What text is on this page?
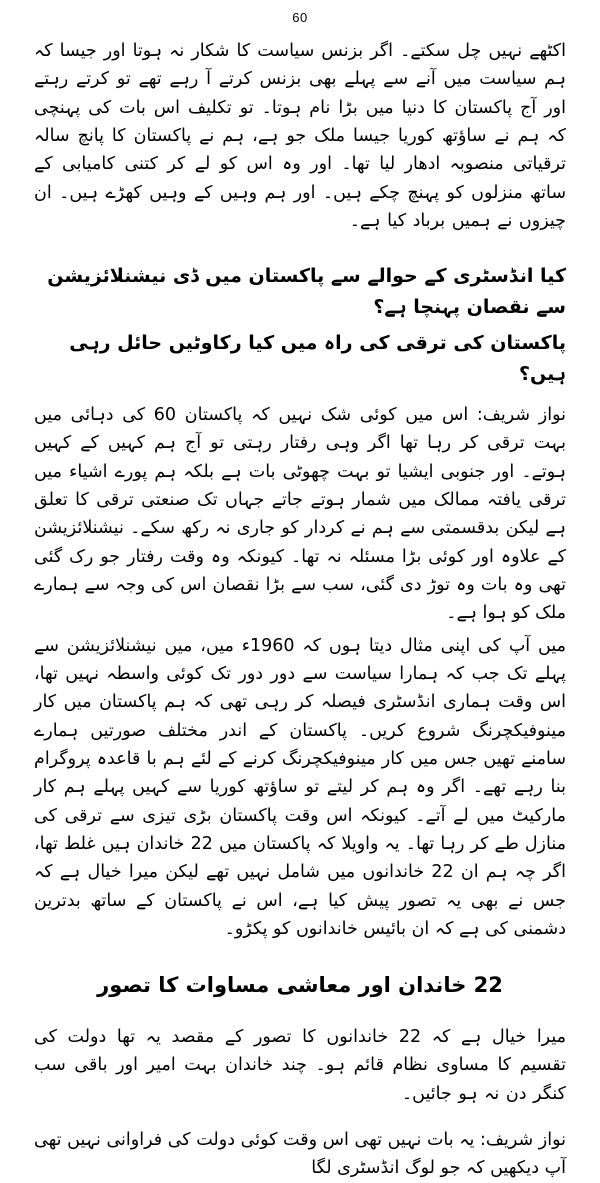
60

اکٹھے نہیں چل سکتے۔ اگر بزنس سیاست کا شکار نہ ہوتا اور جیسا کہ ہم سیاست میں آنے سے پہلے بھی بزنس کرتے آ رہے تھے تو کرتے رہتے اور آج پاکستان کا دنیا میں بڑا نام ہوتا۔ تو تکلیف اس بات کی پہنچی کہ ہم نے ساؤتھ کوریا جیسا ملک جو ہے، ہم نے پاکستان کا پانچ سالہ ترقیاتی منصوبہ ادھار لیا تھا۔ اور وہ اس کو لے کر کتنی کامیابی کے ساتھ منزلوں کو پہنچ چکے ہیں۔ اور ہم وہیں کے وہیں کھڑے ہیں۔ ان چیزوں نے ہمیں برباد کیا ہے۔

کیا انڈسٹری کے حوالے سے پاکستان میں ڈی نیشنلائزیشن سے نقصان پہنچا ہے؟

پاکستان کی ترقی کی راہ میں کیا رکاوٹیں حائل رہی ہیں؟

نواز شریف: اس میں کوئی شک نہیں کہ پاکستان 60 کی دہائی میں بہت ترقی کر رہا تھا اگر وہی رفتار رہتی تو آج ہم کہیں کے کہیں ہوتے۔ اور جنوبی ایشیا تو بہت چھوٹی بات ہے بلکہ ہم پورے اشیاء میں ترقی یافتہ ممالک میں شمار ہوتے جاتے جہاں تک صنعتی ترقی کا تعلق ہے لیکن بدقسمتی سے ہم نے کردار کو جاری نہ رکھ سکے۔ نیشنلائزیشن کے علاوہ اور کوئی بڑا مسئلہ نہ تھا۔ کیونکہ وہ وقت رفتار جو رک گئی تھی وہ بات وہ توڑ دی گئی، سب سے بڑا نقصان اس کی وجہ سے ہمارے ملک کو ہوا ہے۔

میں آپ کی اپنی مثال دیتا ہوں کہ 1960ء میں، میں نیشنلائزیشن سے پہلے تک جب کہ ہمارا سیاست سے دور دور تک کوئی واسطہ نہیں تھا، اس وقت ہماری انڈسٹری فیصلہ کر رہی تھی کہ ہم پاکستان میں کار مینوفیکچرنگ شروع کریں۔ پاکستان کے اندر مختلف صورتیں ہمارے سامنے تھیں جس میں کار مینوفیکچرنگ کرنے کے لئے ہم با قاعدہ پروگرام بنا رہے تھے۔ اگر وہ ہم کر لیتے تو ساؤتھ کوریا سے کہیں پہلے ہم کار مارکیٹ میں لے آتے۔ کیونکہ اس وقت پاکستان بڑی تیزی سے ترقی کی منازل طے کر رہا تھا۔ یہ واویلا کہ پاکستان میں 22 خاندان ہیں غلط تھا، اگر چہ ہم ان 22 خاندانوں میں شامل نہیں تھے لیکن میرا خیال ہے کہ جس نے بھی یہ تصور پیش کیا ہے، اس نے پاکستان کے ساتھ بدترین دشمنی کی ہے کہ ان بائیس خاندانوں کو پکڑو۔

22 خاندان اور معاشی مساوات کا تصور

میرا خیال ہے کہ 22 خاندانوں کا تصور کے مقصد یہ تھا دولت کی تقسیم کا مساوی نظام قائم ہو۔ چند خاندان بہت امیر اور باقی سب کنگر دن نہ ہو جائیں۔

نواز شریف: یہ بات نہیں تھی اس وقت کوئی دولت کی فراوانی نہیں تھی آپ دیکھیں کہ جو لوگ انڈسٹری لگا
